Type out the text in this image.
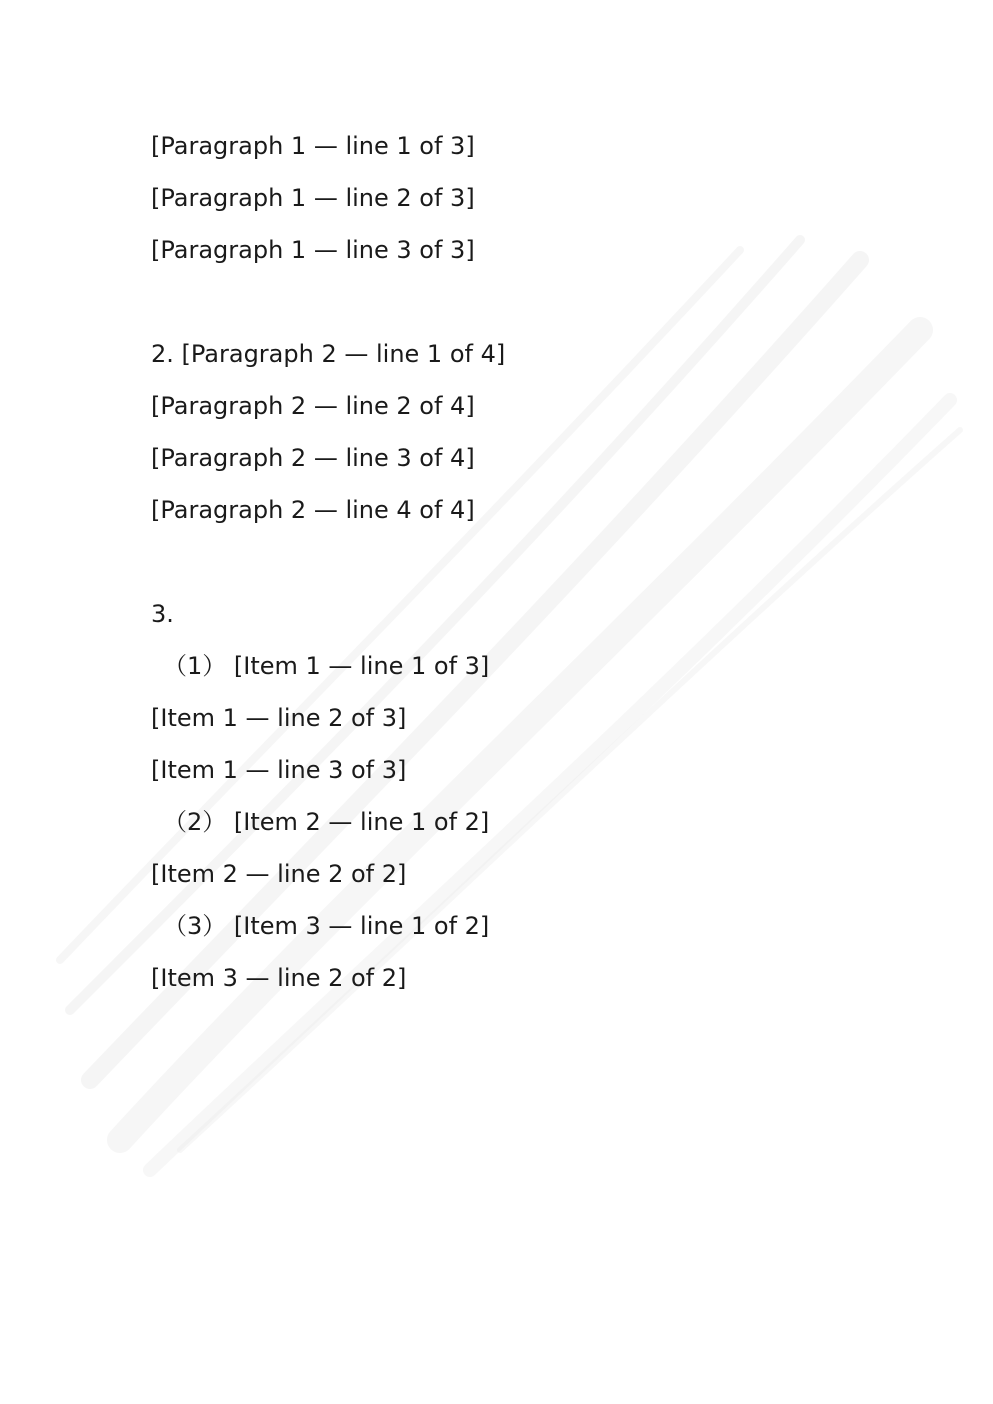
[Paragraph 1 — line 1 of 3]

[Paragraph 1 — line 2 of 3]

[Paragraph 1 — line 3 of 3]

2. [Paragraph 2 — line 1 of 4]

[Paragraph 2 — line 2 of 4]

[Paragraph 2 — line 3 of 4]

[Paragraph 2 — line 4 of 4]

3.

（1） [Item 1 — line 1 of 3]

[Item 1 — line 2 of 3]

[Item 1 — line 3 of 3]

（2） [Item 2 — line 1 of 2]

[Item 2 — line 2 of 2]

（3） [Item 3 — line 1 of 2]

[Item 3 — line 2 of 2]
